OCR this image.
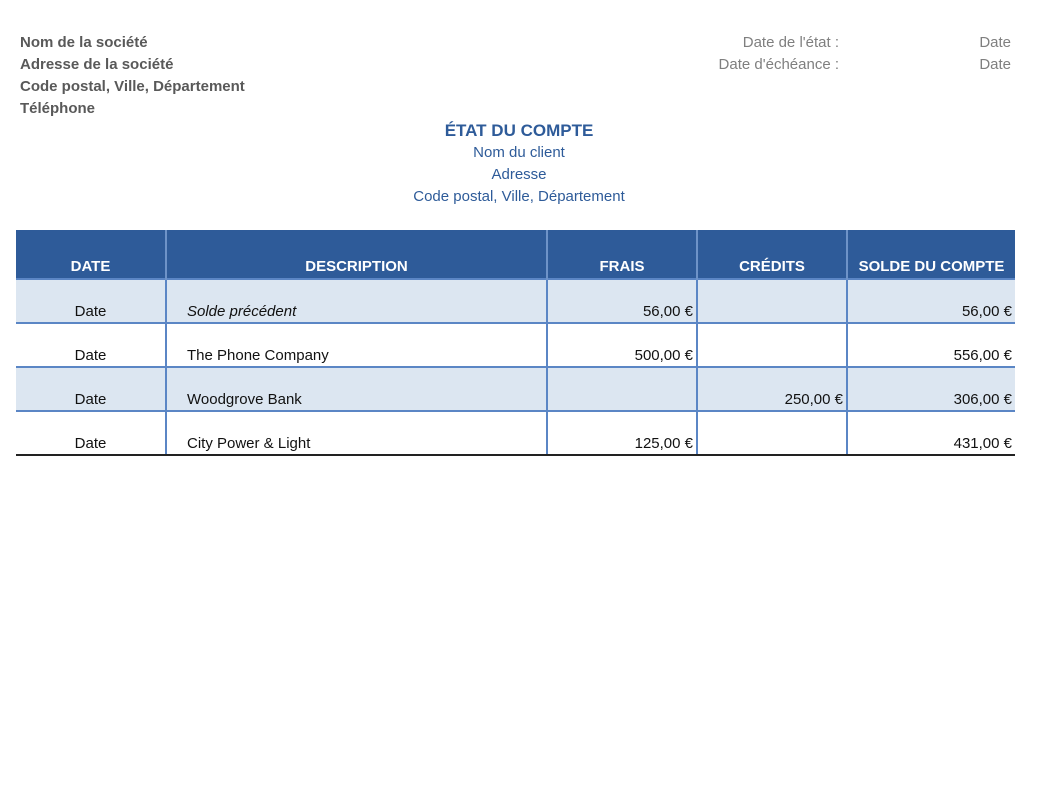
Nom de la société
Adresse de la société
Code postal, Ville, Département
Téléphone
Date de l'état :	Date
Date d'échéance :	Date
ÉTAT DU COMPTE
Nom du client
Adresse
Code postal, Ville, Département
DATE	DESCRIPTION	FRAIS	CRÉDITS	SOLDE DU COMPTE
Date	Solde précédent	56,00 €		56,00 €
Date	The Phone Company	500,00 €		556,00 €
Date	Woodgrove Bank		250,00 €	306,00 €
Date	City Power & Light	125,00 €		431,00 €
